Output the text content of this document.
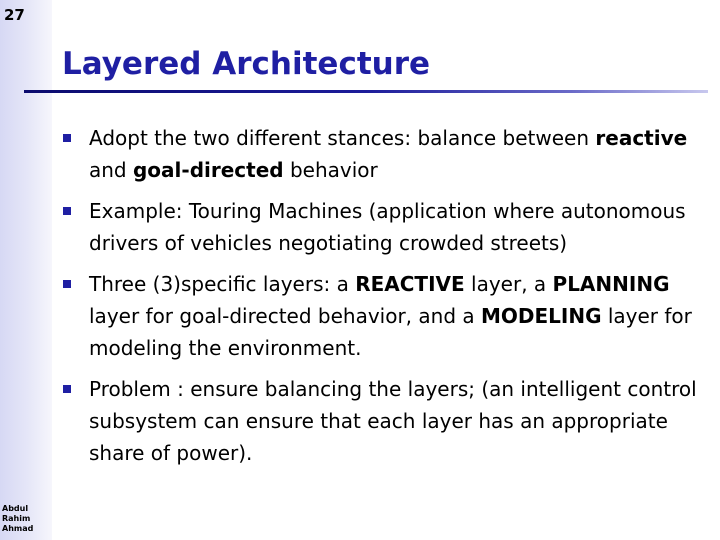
27
Abdul
Rahim
Ahmad
Layered Architecture
Adopt the two different stances: balance between reactive and goal-directed behavior
Example: Touring Machines (application where autonomous drivers of vehicles negotiating crowded streets)
Three (3)specific layers: a REACTIVE layer, a PLANNING layer for goal-directed behavior, and a MODELING layer for modeling the environment.
Problem : ensure balancing the layers; (an intelligent control subsystem can ensure that each layer has an appropriate share of power).
